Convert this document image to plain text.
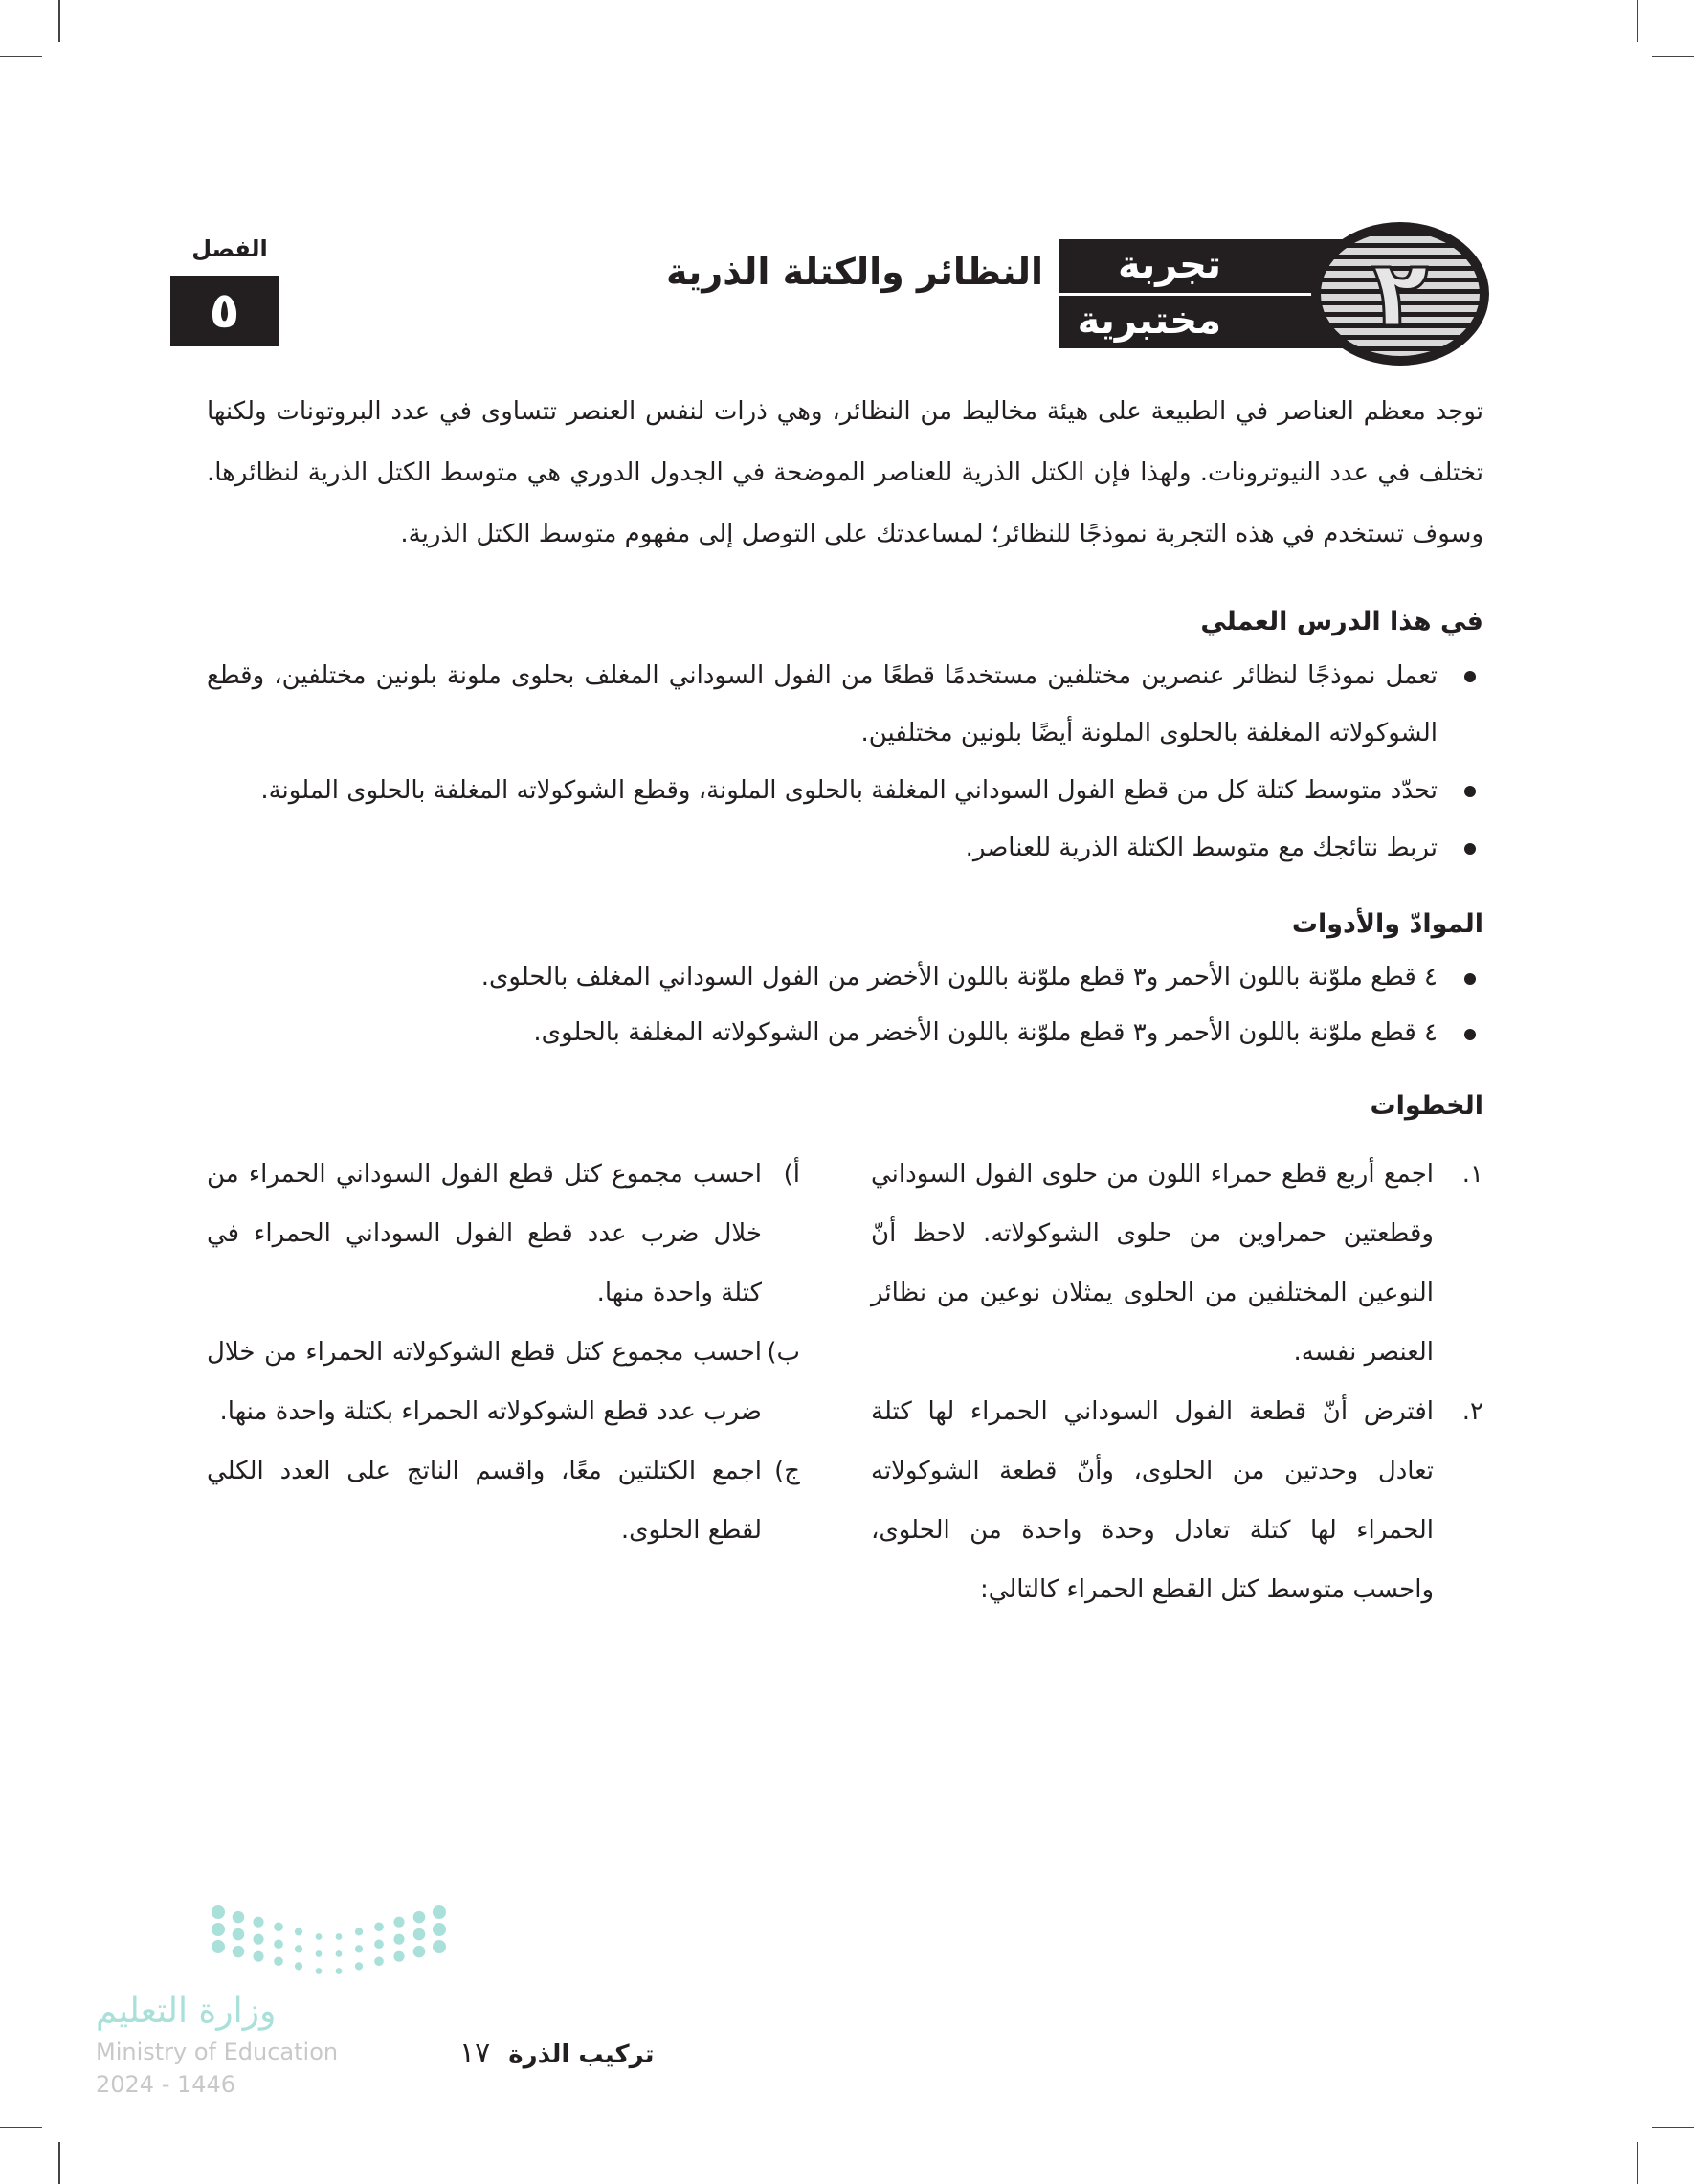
تجربة
مختبرية	٢
النظائر والكتلة الذرية
الفصل
٥
توجد معظم العناصر في الطبيعة على هيئة مخاليط من النظائر، وهي ذرات لنفس العنصر تتساوى في عدد البروتونات ولكنها تختلف في عدد النيوترونات. ولهذا فإن الكتل الذرية للعناصر الموضحة في الجدول الدوري هي متوسط الكتل الذرية لنظائرها. وسوف تستخدم في هذه التجربة نموذجًا للنظائر؛ لمساعدتك على التوصل إلى مفهوم متوسط الكتل الذرية.
في هذا الدرس العملي
تعمل نموذجًا لنظائر عنصرين مختلفين مستخدمًا قطعًا من الفول السوداني المغلف بحلوى ملونة بلونين مختلفين، وقطع الشوكولاته المغلفة بالحلوى الملونة أيضًا بلونين مختلفين.
تحدّد متوسط كتلة كل من قطع الفول السوداني المغلفة بالحلوى الملونة، وقطع الشوكولاته المغلفة بالحلوى الملونة.
تربط نتائجك مع متوسط الكتلة الذرية للعناصر.
الموادّ والأدوات
٤ قطع ملوّنة باللون الأحمر و٣ قطع ملوّنة باللون الأخضر من الفول السوداني المغلف بالحلوى.
٤ قطع ملوّنة باللون الأحمر و٣ قطع ملوّنة باللون الأخضر من الشوكولاته المغلفة بالحلوى.
الخطوات
١.
اجمع أربع قطع حمراء اللون من حلوى الفول السوداني وقطعتين حمراوين من حلوى الشوكولاته. لاحظ أنّ النوعين المختلفين من الحلوى يمثلان نوعين من نظائر العنصر نفسه.
٢.
افترض أنّ قطعة الفول السوداني الحمراء لها كتلة تعادل وحدتين من الحلوى، وأنّ قطعة الشوكولاته الحمراء لها كتلة تعادل وحدة واحدة من الحلوى، واحسب متوسط كتل القطع الحمراء كالتالي:
أ)
احسب مجموع كتل قطع الفول السوداني الحمراء من خلال ضرب عدد قطع الفول السوداني الحمراء في كتلة واحدة منها.
ب)
احسب مجموع كتل قطع الشوكولاته الحمراء من خلال ضرب عدد قطع الشوكولاته الحمراء بكتلة واحدة منها.
ج)
اجمع الكتلتين معًا، واقسم الناتج على العدد الكلي لقطع الحلوى.
وزارة التعليم
Ministry of Education
2024 - 1446
تركيب الذرة ١٧
